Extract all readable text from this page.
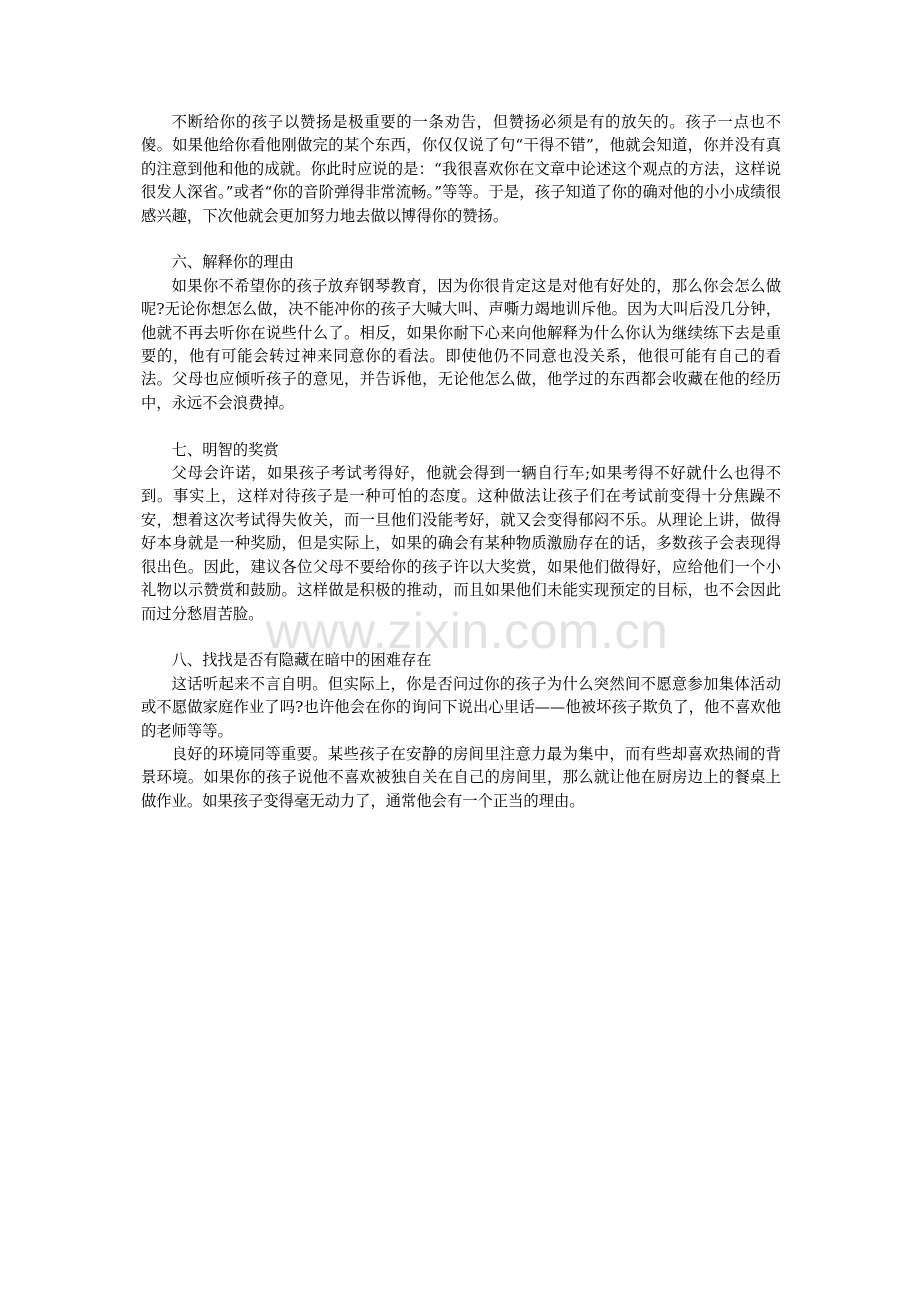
不断给你的孩子以赞扬是极重要的一条劝告，但赞扬必须是有的放矢的。孩子一点也不傻。如果他给你看他刚做完的某个东西，你仅仅说了句“干得不错”，他就会知道，你并没有真的注意到他和他的成就。你此时应说的是：“我很喜欢你在文章中论述这个观点的方法，这样说很发人深省。”或者“你的音阶弹得非常流畅。”等等。于是，孩子知道了你的确对他的小小成绩很感兴趣，下次他就会更加努力地去做以博得你的赞扬。

六、解释你的理由

如果你不希望你的孩子放弃钢琴教育，因为你很肯定这是对他有好处的，那么你会怎么做呢?无论你想怎么做，决不能冲你的孩子大喊大叫、声嘶力竭地训斥他。因为大叫后没几分钟，他就不再去听你在说些什么了。相反，如果你耐下心来向他解释为什么你认为继续练下去是重要的，他有可能会转过神来同意你的看法。即使他仍不同意也没关系，他很可能有自己的看法。父母也应倾听孩子的意见，并告诉他，无论他怎么做，他学过的东西都会收藏在他的经历中，永远不会浪费掉。

七、明智的奖赏

父母会许诺，如果孩子考试考得好，他就会得到一辆自行车;如果考得不好就什么也得不到。事实上，这样对待孩子是一种可怕的态度。这种做法让孩子们在考试前变得十分焦躁不安，想着这次考试得失攸关，而一旦他们没能考好，就又会变得郁闷不乐。从理论上讲，做得好本身就是一种奖励，但是实际上，如果的确会有某种物质激励存在的话，多数孩子会表现得很出色。因此，建议各位父母不要给你的孩子许以大奖赏，如果他们做得好，应给他们一个小礼物以示赞赏和鼓励。这样做是积极的推动，而且如果他们未能实现预定的目标，也不会因此而过分愁眉苦脸。

八、找找是否有隐藏在暗中的困难存在

这话听起来不言自明。但实际上，你是否问过你的孩子为什么突然间不愿意参加集体活动或不愿做家庭作业了吗?也许他会在你的询问下说出心里话——他被坏孩子欺负了，他不喜欢他的老师等等。

良好的环境同等重要。某些孩子在安静的房间里注意力最为集中，而有些却喜欢热闹的背景环境。如果你的孩子说他不喜欢被独自关在自己的房间里，那么就让他在厨房边上的餐桌上做作业。如果孩子变得毫无动力了，通常他会有一个正当的理由。

www.zixin.com.cn
